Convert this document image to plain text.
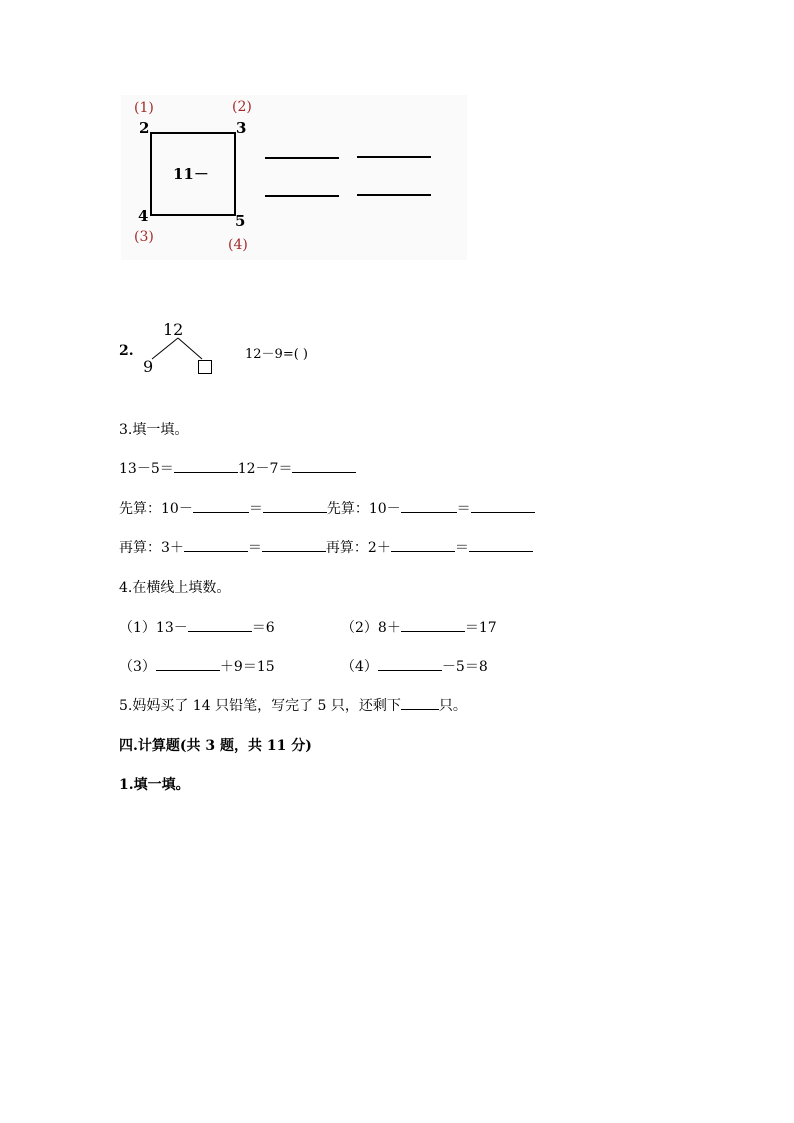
(1)	(2)
(3)	(4)
2	3
4	5
11－
2.
12
9
12－9=( )
3.填一填。
13－5＝	12－7＝
先算：10－	＝	先算：10－	＝
再算：3＋	＝	再算：2＋	＝
4.在横线上填数。
（1）13－	＝6	（2）8＋	＝17
（3）	＋9＝15	（4）	－5＝8
5.妈妈买了 14 只铅笔，写完了 5 只，还剩下	只。
四.计算题(共 3 题，共 11 分)
1.填一填。
